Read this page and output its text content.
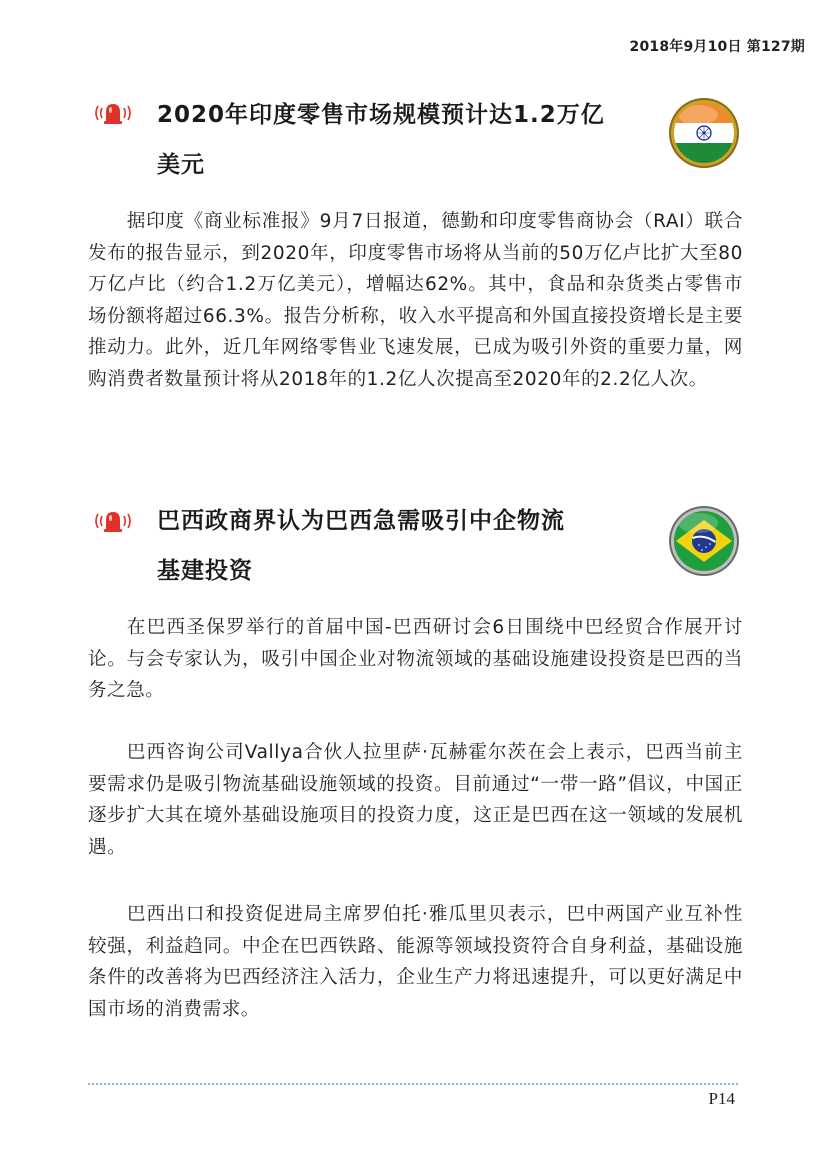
2018年9月10日 第127期
2020年印度零售市场规模预计达1.2万亿
美元

据印度《商业标准报》9月7日报道，德勤和印度零售商协会（RAI）联合发布的报告显示，到2020年，印度零售市场将从当前的50万亿卢比扩大至80万亿卢比（约合1.2万亿美元），增幅达62%。其中，食品和杂货类占零售市场份额将超过66.3%。报告分析称，收入水平提高和外国直接投资增长是主要推动力。此外，近几年网络零售业飞速发展，已成为吸引外资的重要力量，网购消费者数量预计将从2018年的1.2亿人次提高至2020年的2.2亿人次。

巴西政商界认为巴西急需吸引中企物流
基建投资

在巴西圣保罗举行的首届中国-巴西研讨会6日围绕中巴经贸合作展开讨论。与会专家认为，吸引中国企业对物流领域的基础设施建设投资是巴西的当务之急。

巴西咨询公司Vallya合伙人拉里萨·瓦赫霍尔茨在会上表示，巴西当前主要需求仍是吸引物流基础设施领域的投资。目前通过“一带一路”倡议，中国正逐步扩大其在境外基础设施项目的投资力度，这正是巴西在这一领域的发展机遇。

巴西出口和投资促进局主席罗伯托·雅瓜里贝表示，巴中两国产业互补性较强，利益趋同。中企在巴西铁路、能源等领域投资符合自身利益，基础设施条件的改善将为巴西经济注入活力，企业生产力将迅速提升，可以更好满足中国市场的消费需求。

P14
